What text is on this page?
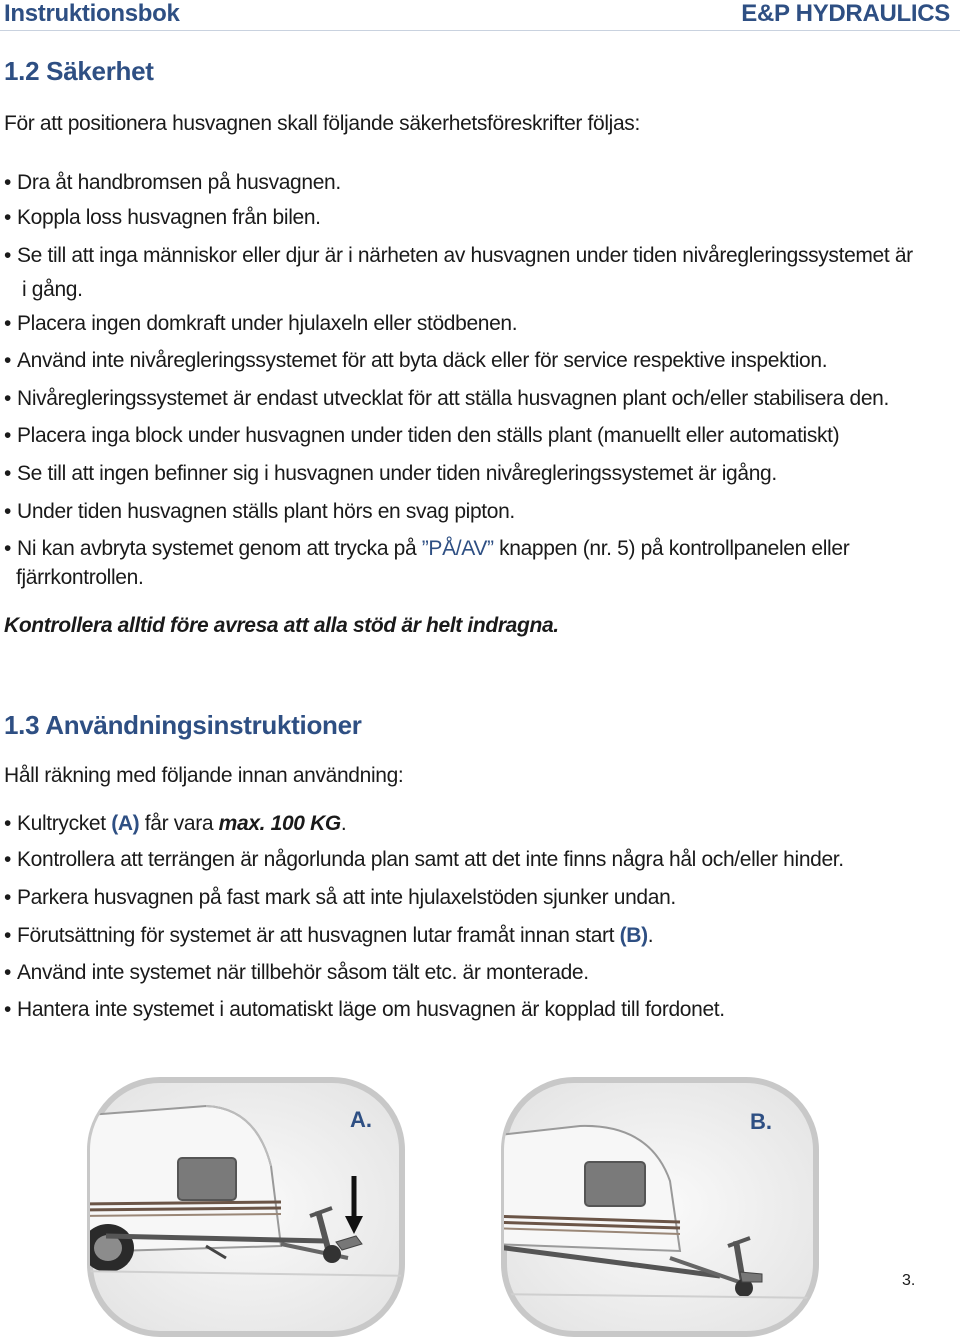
Instruktionsbok	E&P HYDRAULICS
1.2 Säkerhet
För att positionera husvagnen skall följande säkerhetsföreskrifter följas:
• Dra åt handbromsen på husvagnen.
• Koppla loss husvagnen från bilen.
• Se till att inga människor eller djur är i närheten av husvagnen under tiden nivåregleringssystemet är
i gång.
• Placera ingen domkraft under hjulaxeln eller stödbenen.
• Använd inte nivåregleringssystemet för att byta däck eller för service respektive inspektion.
• Nivåregleringssystemet är endast utvecklat för att ställa husvagnen plant och/eller stabilisera den.
• Placera inga block under husvagnen under tiden den ställs plant (manuellt eller automatiskt)
• Se till att ingen befinner sig i husvagnen under tiden nivåregleringssystemet är igång.
• Under tiden husvagnen ställs plant hörs en svag pipton.
• Ni kan avbryta systemet genom att trycka på ”PÅ/AV” knappen (nr. 5) på kontrollpanelen eller
fjärrkontrollen.
Kontrollera alltid före avresa att alla stöd är helt indragna.
1.3 Användningsinstruktioner
Håll räkning med följande innan användning:
• Kultrycket (A) får vara max. 100 KG.
• Kontrollera att terrängen är någorlunda plan samt att det inte finns några hål och/eller hinder.
• Parkera husvagnen på fast mark så att inte hjulaxelstöden sjunker undan.
• Förutsättning för systemet är att husvagnen lutar framåt innan start (B).
• Använd inte systemet när tillbehör såsom tält etc. är monterade.
• Hantera inte systemet i automatiskt läge om husvagnen är kopplad till fordonet.
A.	B.
3.
